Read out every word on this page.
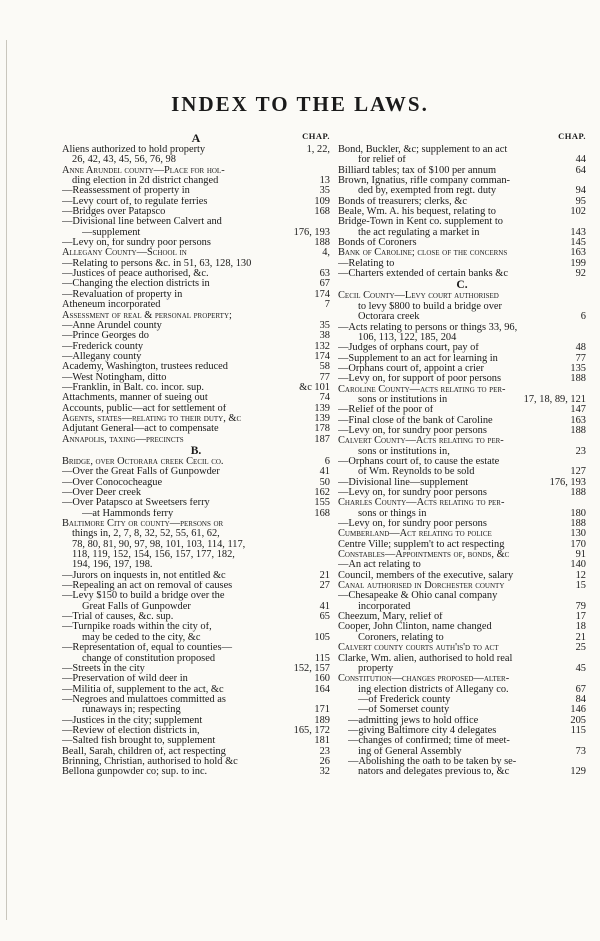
INDEX TO THE LAWS.
A	CHAP.
Aliens authorized to hold property	1, 22,
26, 42, 43, 45, 56, 76, 98
Anne Arundel county—Place for hol-
ding election in 2d district changed	13
—Reassessment of property in	35
—Levy court of, to regulate ferries	109
—Bridges over Patapsco	168
—Divisional line between Calvert and
—supplement	176, 193
—Levy on, for sundry poor persons	188
Allegany County—School in	4,
—Relating to persons &c. in 51, 63, 128, 130
—Justices of peace authorised, &c.	63
—Changing the election districts in	67
—Revaluation of property in	174
Atheneum incorporated	7
Assessment of real & personal property;
—Anne Arundel county	35
—Prince Georges do	38
—Frederick county	132
—Allegany county	174
Academy, Washington, trustees reduced	58
—West Notingham, ditto	77
—Franklin, in Balt. co. incor. sup.	&c 101
Attachments, manner of sueing out	74
Accounts, public—act for settlement of	139
Agents, states—relating to their duty, &c	139
Adjutant General—act to compensate	178
Annapolis, taxing—precincts	187
B.
Bridge, over Octorara creek Cecil co.	6
—Over the Great Falls of Gunpowder	41
—Over Conococheague	50
—Over Deer creek	162
—Over Patapsco at Sweetsers ferry	155
—at Hammonds ferry	168
Baltimore City or county—persons or
things in, 2, 7, 8, 32, 52, 55, 61, 62,
78, 80, 81, 90, 97, 98, 101, 103, 114, 117,
118, 119, 152, 154, 156, 157, 177, 182,
194, 196, 197, 198.
—Jurors on inquests in, not entitled &c	21
—Repealing an act on removal of causes	27
—Levy $150 to build a bridge over the
Great Falls of Gunpowder	41
—Trial of causes, &c. sup.	65
—Turnpike roads within the city of,
may be ceded to the city, &c	105
—Representation of, equal to counties—
change of constitution proposed	115
—Streets in the city	152, 157
—Preservation of wild deer in	160
—Militia of, supplement to the act, &c	164
—Negroes and mulattoes committed as
runaways in; respecting	171
—Justices in the city; supplement	189
—Review of election districts in,	165, 172
—Salted fish brought to, supplement	181
Beall, Sarah, children of, act respecting	23
Brinning, Christian, authorised to hold &c	26
Bellona gunpowder co; sup. to inc.	32
CHAP.
Bond, Buckler, &c; supplement to an act
for relief of	44
Billiard tables; tax of $100 per annum	64
Brown, Ignatius, rifle company comman-
ded by, exempted from regt. duty	94
Bonds of treasurers; clerks, &c	95
Beale, Wm. A. his bequest, relating to	102
Bridge-Town in Kent co. supplement to
the act regulating a market in	143
Bonds of Coroners	145
Bank of Caroline; close of the concerns	163
—Relating to	199
—Charters extended of certain banks &c	92
C.
Cecil County—Levy court authorised
to levy $800 to build a bridge over
Octorara creek	6
—Acts relating to persons or things 33, 96,
106, 113, 122, 185, 204
—Judges of orphans court, pay of	48
—Supplement to an act for learning in	77
—Orphans court of, appoint a crier	135
—Levy on, for support of poor persons	188
Caroline County—acts relating to per-
sons or institutions in	17, 18, 89, 121
—Relief of the poor of	147
—Final close of the bank of Caroline	163
—Levy on, for sundry poor persons	188
Calvert County—Acts relating to per-
sons or institutions in,	23
—Orphans court of, to cause the estate
of Wm. Reynolds to be sold	127
—Divisional line—supplement	176, 193
—Levy on, for sundry poor persons	188
Charles County—Acts relating to per-
sons or things in	180
—Levy on, for sundry poor persons	188
Cumberland—Act relating to police	130
Centre Ville; supplem't to act respecting	170
Constables—Appointments of, bonds, &c	91
—An act relating to	140
Council, members of the executive, salary	12
Canal authorised in Dorchester county	15
—Chesapeake & Ohio canal company
incorporated	79
Cheezum, Mary, relief of	17
Cooper, John Clinton, name changed	18
Coroners, relating to	21
Calvert county courts auth'is'd to act	25
Clarke, Wm. alien, authorised to hold real
property	45
Constitution—changes proposed—alter-
ing election districts of Allegany co.	67
—of Frederick county	84
—of Somerset county	146
—admitting jews to hold office	205
—giving Baltimore city 4 delegates	115
—changes of confirmed; time of meet-
ing of General Assembly	73
—Abolishing the oath to be taken by se-
nators and delegates previous to, &c	129
